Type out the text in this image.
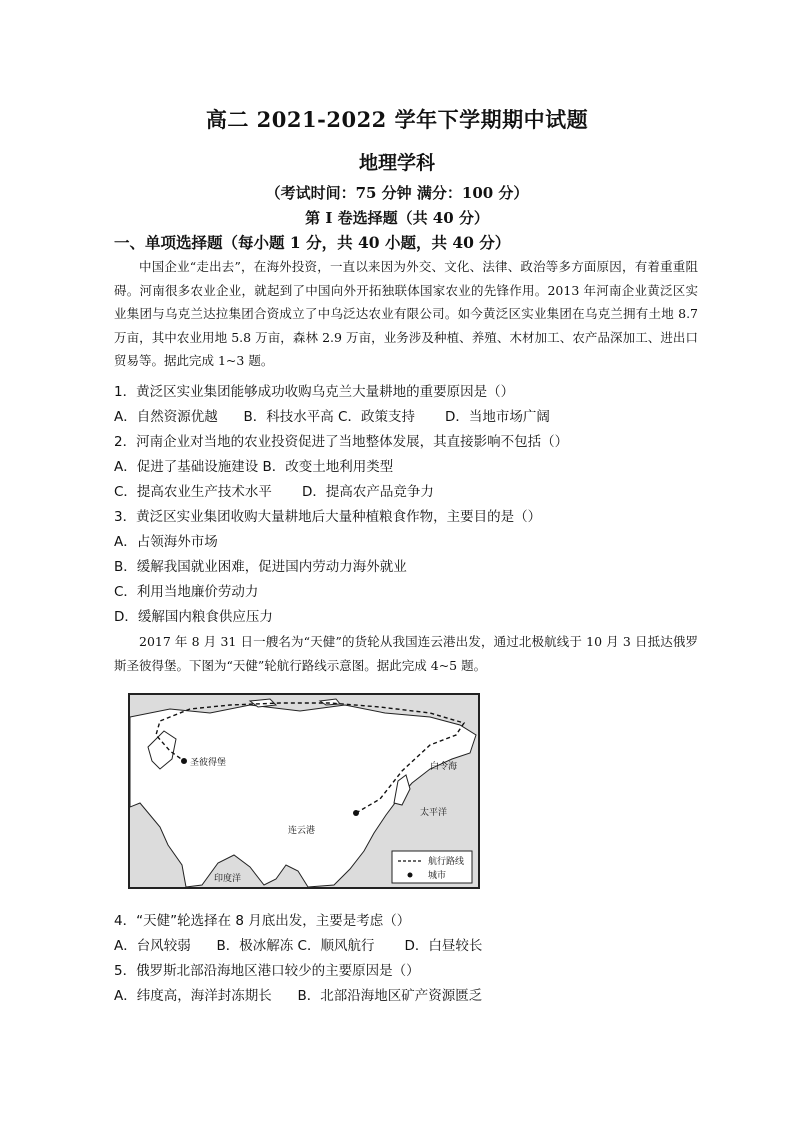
高二 2021-2022 学年下学期期中试题
地理学科
（考试时间：75 分钟 满分：100 分）
第 I 卷选择题（共 40 分）
一、单项选择题（每小题 1 分，共 40 小题，共 40 分）
中国企业“走出去”，在海外投资，一直以来因为外交、文化、法律、政治等多方面原因，有着重重阻碍。河南很多农业企业，就起到了中国向外开拓独联体国家农业的先锋作用。2013 年河南企业黄泛区实业集团与乌克兰达拉集团合资成立了中乌泛达农业有限公司。如今黄泛区实业集团在乌克兰拥有土地 8.7 万亩，其中农业用地 5.8 万亩，森林 2.9 万亩，业务涉及种植、养殖、木材加工、农产品深加工、进出口贸易等。据此完成 1~3 题。
1．黄泛区实业集团能够成功收购乌克兰大量耕地的重要原因是（）
A．自然资源优越      B．科技水平高 C．政策支持       D．当地市场广阔
2．河南企业对当地的农业投资促进了当地整体发展，其直接影响不包括（）
A．促进了基础设施建设 B．改变土地利用类型
C．提高农业生产技术水平       D．提高农产品竞争力
3．黄泛区实业集团收购大量耕地后大量种植粮食作物，主要目的是（）
A．占领海外市场
B．缓解我国就业困难，促进国内劳动力海外就业
C．利用当地廉价劳动力
D．缓解国内粮食供应压力
2017 年 8 月 31 日一艘名为“天健”的货轮从我国连云港出发，通过北极航线于 10 月 3 日抵达俄罗斯圣彼得堡。下图为“天健”轮航行路线示意图。据此完成 4~5 题。
圣彼得堡
连云港
太平洋
印度洋
白令海
航行路线
城市
4．“天健”轮选择在 8 月底出发，主要是考虑（）
A．台风较弱      B．极冰解冻 C．顺风航行       D．白昼较长
5．俄罗斯北部沿海地区港口较少的主要原因是（）
A．纬度高，海洋封冻期长      B．北部沿海地区矿产资源匮乏
